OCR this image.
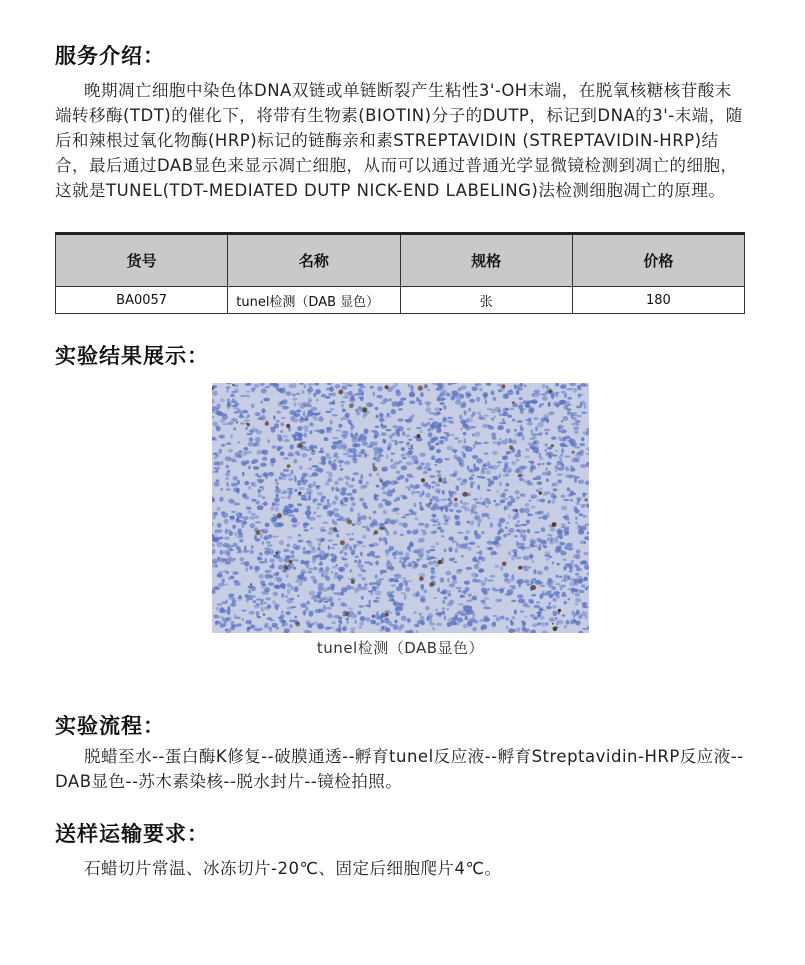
服务介绍：

晚期凋亡细胞中染色体DNA双链或单链断裂产生粘性3'-OH末端，在脱氧核糖核苷酸末端转移酶(TDT)的催化下，将带有生物素(BIOTIN)分子的DUTP，标记到DNA的3'-末端，随后和辣根过氧化物酶(HRP)标记的链酶亲和素STREPTAVIDIN (STREPTAVIDIN-HRP)结合，最后通过DAB显色来显示凋亡细胞，从而可以通过普通光学显微镜检测到凋亡的细胞，这就是TUNEL(TDT-MEDIATED DUTP NICK-END LABELING)法检测细胞凋亡的原理。

货号	名称	规格	价格
BA0057	tunel检测（DAB 显色）	张	180
实验结果展示：
tunel检测（DAB显色）
实验流程：

脱蜡至水--蛋白酶K修复--破膜通透--孵育tunel反应液--孵育Streptavidin-HRP反应液-- DAB显色--苏木素染核--脱水封片--镜检拍照。

送样运输要求：

石蜡切片常温、冰冻切片-20℃、固定后细胞爬片4℃。
